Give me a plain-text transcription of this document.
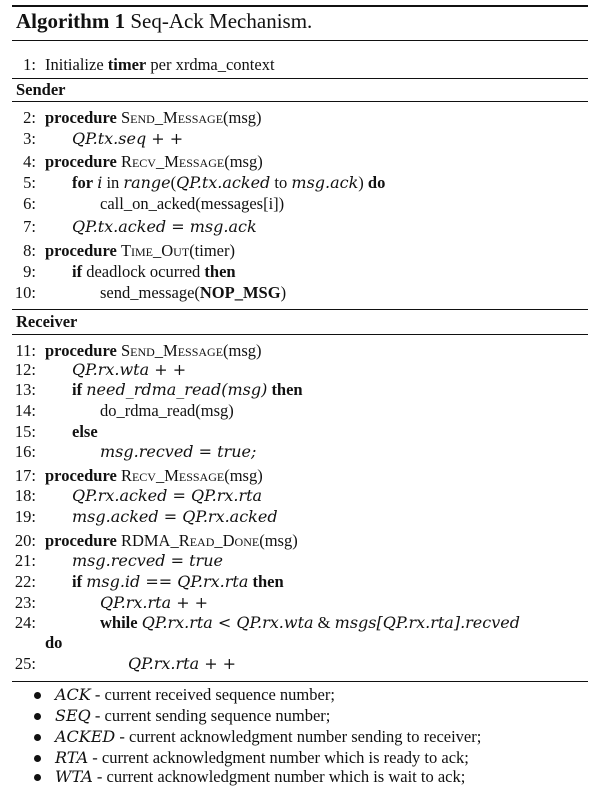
Algorithm 1 Seq-Ack Mechanism.
1: Initialize timer per xrdma_context
Sender
2: procedure Send_Message(msg)
3: QP.tx.seq + +
4: procedure Recv_Message(msg)
5: for i in range(QP.tx.acked to msg.ack) do
6:	call_on_acked(messages[i])
7: QP.tx.acked = msg.ack
8: procedure Time_Out(timer)
9: if deadlock ocurred then
10:	send_message(NOP_MSG)
Receiver
11: procedure Send_Message(msg)
12: QP.rx.wta + +
13: if need_rdma_read(msg) then
14:	do_rdma_read(msg)
15: else
16:	msg.recved = true;
17: procedure Recv_Message(msg)
18: QP.rx.acked = QP.rx.rta
19: msg.acked = QP.rx.acked
20: procedure RDMA_Read_Done(msg)
21: msg.recved = true
22: if msg.id == QP.rx.rta then
23:	QP.rx.rta + +
24:	while QP.rx.rta < QP.rx.wta & msgs[QP.rx.rta].recved
do
25:	QP.rx.rta + +
ACK - current received sequence number;
SEQ - current sending sequence number;
ACKED - current acknowledgment number sending to receiver;
RTA - current acknowledgment number which is ready to ack;
WTA - current acknowledgment number which is wait to ack;
